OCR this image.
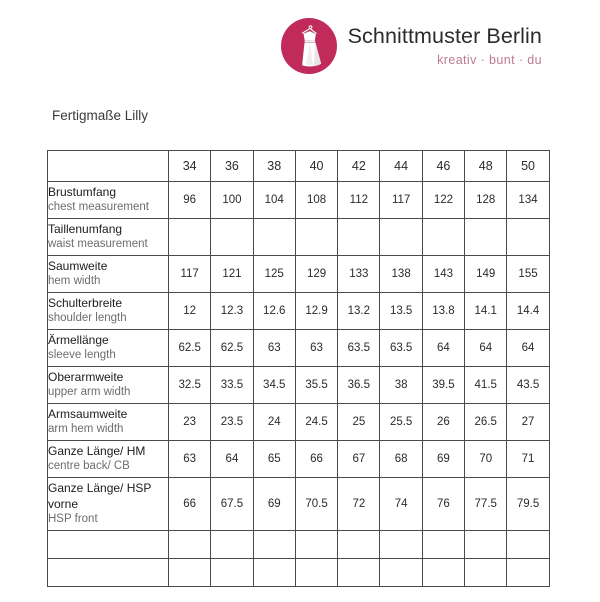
Schnittmuster Berlin
kreativ · bunt · du
Fertigmaße Lilly
	34	36	38	40	42	44	46	48	50

Brustumfang
chest measurement	96	100	104	108	112	117	122	128	134

Taillenumfang
waist measurement									

Saumweite
hem width	117	121	125	129	133	138	143	149	155

Schulterbreite
shoulder length	12	12.3	12.6	12.9	13.2	13.5	13.8	14.1	14.4

Ärmellänge
sleeve length	62.5	62.5	63	63	63.5	63.5	64	64	64

Oberarmweite
upper arm width	32.5	33.5	34.5	35.5	36.5	38	39.5	41.5	43.5

Armsaumweite
arm hem width	23	23.5	24	24.5	25	25.5	26	26.5	27

Ganze Länge/ HM
centre back/ CB	63	64	65	66	67	68	69	70	71

Ganze Länge/ HSP vorne
HSP front	66	67.5	69	70.5	72	74	76	77.5	79.5
